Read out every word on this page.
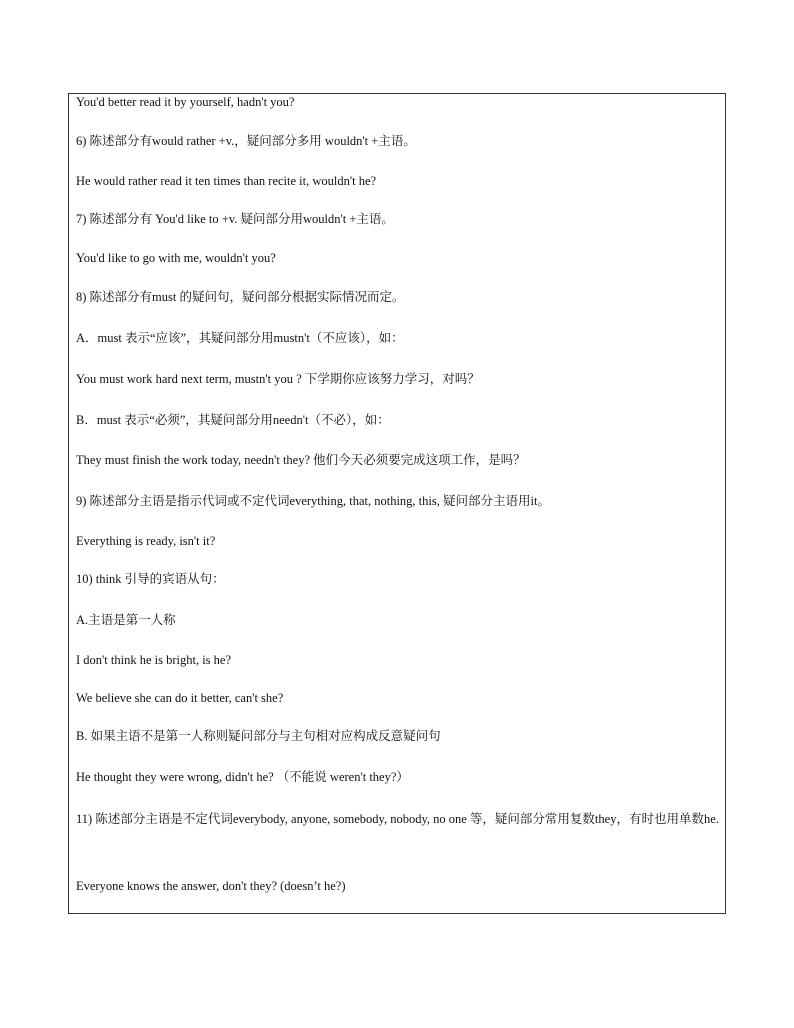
You'd better read it by yourself, hadn't you?
6) 陈述部分有would rather +v.，疑问部分多用 wouldn't +主语。
He would rather read it ten times than recite it, wouldn't he?
7) 陈述部分有 You'd like to +v. 疑问部分用wouldn't +主语。
You'd like to go with me, wouldn't you?
8) 陈述部分有must 的疑问句，疑问部分根据实际情况而定。
A．must 表示“应该”，其疑问部分用mustn't（不应该），如：
You must work hard next term, mustn't you ? 下学期你应该努力学习，对吗？
B．must 表示“必须”，其疑问部分用needn't（不必），如：
They must finish the work today, needn't they? 他们今天必须要完成这项工作，是吗？
9) 陈述部分主语是指示代词或不定代词everything, that, nothing, this, 疑问部分主语用it。
Everything is ready, isn't it?
10) think 引导的宾语从句：
A.主语是第一人称
I don't think he is bright, is he?
We believe she can do it better, can't she?
B. 如果主语不是第一人称则疑问部分与主句相对应构成反意疑问句
He thought they were wrong, didn't he? （不能说 weren't they?）
11) 陈述部分主语是不定代词everybody, anyone, somebody, nobody, no one 等，疑问部分常用复数they，有时也用单数he.
Everyone knows the answer, don't they? (doesn’t he?)
